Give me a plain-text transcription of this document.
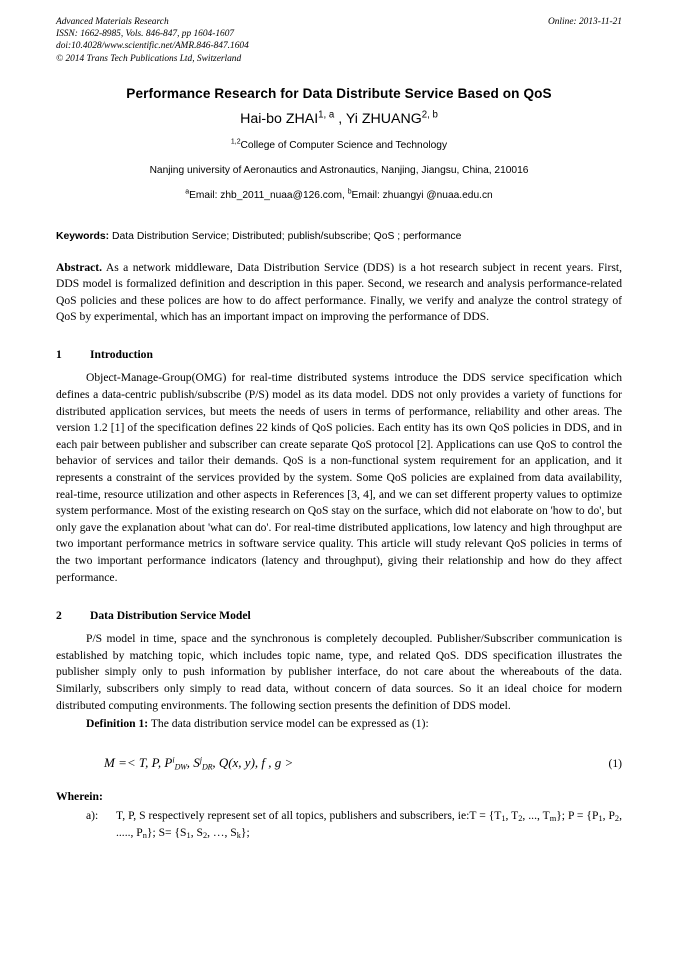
Advanced Materials Research
ISSN: 1662-8985, Vols. 846-847, pp 1604-1607
doi:10.4028/www.scientific.net/AMR.846-847.1604
© 2014 Trans Tech Publications Ltd, Switzerland
Online: 2013-11-21
Performance Research for Data Distribute Service Based on QoS
Hai-bo ZHAI$^{1, a}$ , Yi ZHUANG$^{2, b}$
$^{1,2}$College of Computer Science and Technology
Nanjing university of Aeronautics and Astronautics, Nanjing, Jiangsu, China, 210016
$^a$Email: zhb_2011_nuaa@126.com, $^b$Email: zhuangyi @nuaa.edu.cn
Keywords: Data Distribution Service; Distributed; publish/subscribe; QoS ; performance
Abstract. As a network middleware, Data Distribution Service (DDS) is a hot research subject in recent years. First, DDS model is formalized definition and description in this paper. Second, we research and analysis performance-related QoS policies and these polices are how to do affect performance. Finally, we verify and analyze the control strategy of QoS by experimental, which has an important impact on improving the performance of DDS.
1	Introduction
Object-Manage-Group(OMG) for real-time distributed systems introduce the DDS service specification which defines a data-centric publish/subscribe (P/S) model as its data model. DDS not only provides a variety of functions for distributed application services, but meets the needs of users in terms of performance, reliability and other areas. The version 1.2 [1] of the specification defines 22 kinds of QoS policies. Each entity has its own QoS policies in DDS, and in each pair between publisher and subscriber can create separate QoS protocol [2]. Applications can use QoS to control the behavior of services and tailor their demands. QoS is a non-functional system requirement for an application, and it represents a constraint of the services provided by the system. Some QoS policies are explained from data availability, real-time, resource utilization and other aspects in References [3, 4], and we can set different property values to optimize system performance. Most of the existing research on QoS stay on the surface, which did not elaborate on 'how to do', but only gave the explanation about 'what can do'. For real-time distributed applications, low latency and high throughput are two important performance metrics in software service quality. This article will study relevant QoS policies in terms of the two important performance indicators (latency and throughput), giving their relationship and how do they affect performance.
2	Data Distribution Service Model
P/S model in time, space and the synchronous is completely decoupled. Publisher/Subscriber communication is established by matching topic, which includes topic name, type, and related QoS. DDS specification illustrates the publisher simply only to push information by publisher interface, do not care about the whereabouts of the data. Similarly, subscribers only simply to read data, without concern of data sources. So it an ideal choice for modern distributed computing environments. The following section presents the definition of DDS model.
Definition 1: The data distribution service model can be expressed as (1):
M =< T, P, $P^iDW$, $S^jDR$, Q(x, y), f , g >	(1)
Wherein:
a):	T, P, S respectively represent set of all topics, publishers and subscribers, ie:T = {$T_1$, $T_2$, ..., $T_m$}; $P = \{P_1$, $P_2$, ....., $P_n$}; $S= \{S_1$, $S_2$, …, $S_k$};
